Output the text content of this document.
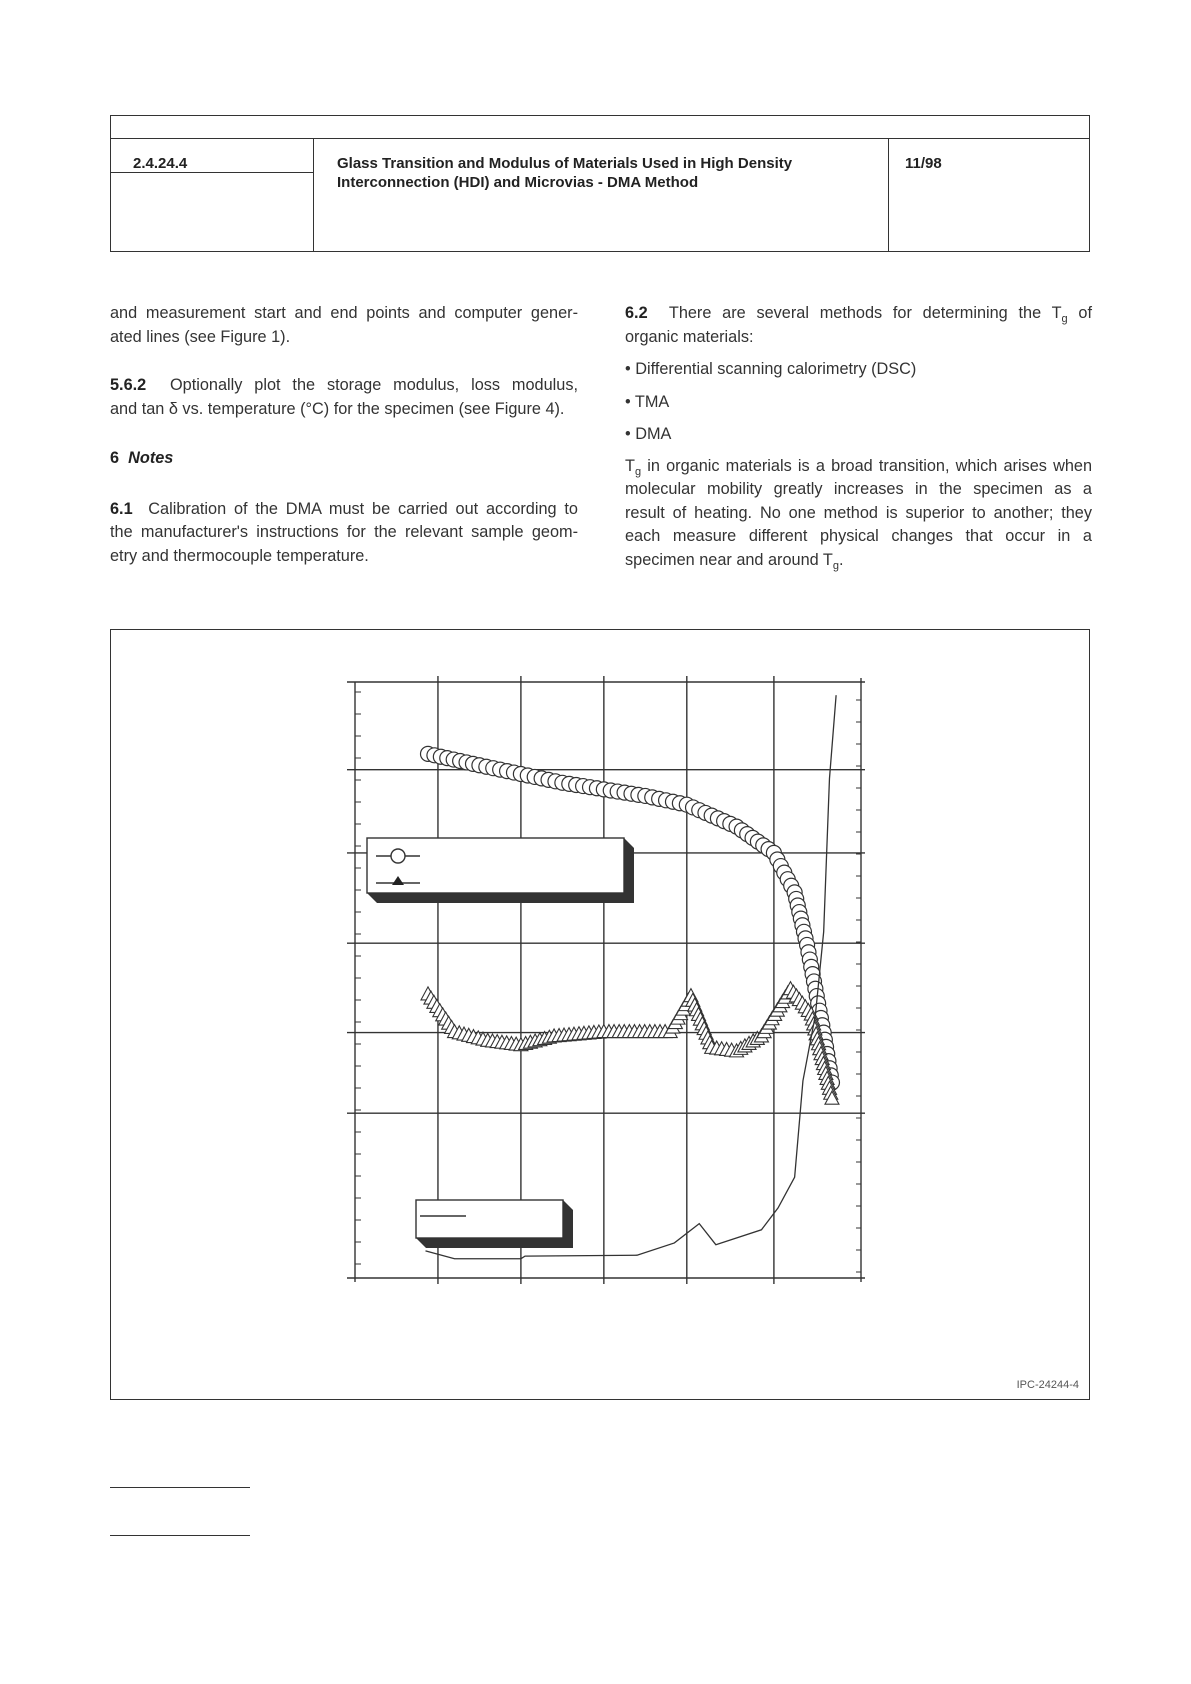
2.4.24.4	Glass Transition and Modulus of Materials Used in High Density
Interconnection (HDI) and Microvias - DMA Method
11/98
and measurement start and end points and computer gener-
ated lines (see Figure 1).
5.6.2 Optionally plot the storage modulus, loss modulus,
and tan δ vs. temperature (°C) for the specimen (see Figure 4).
6 Notes
6.1 Calibration of the DMA must be carried out according to
the manufacturer's instructions for the relevant sample geom-
etry and thermocouple temperature.
6.2 There are several methods for determining the $T_g$ of
organic materials:
• Differential scanning calorimetry (DSC)
• TMA
• DMA
$T_g$ in organic materials is a broad transition, which arises when
molecular mobility greatly increases in the specimen as a
result of heating. No one method is superior to another; they
each measure different physical changes that occur in a
specimen near and around $T_g$.
IPC-24244-4
